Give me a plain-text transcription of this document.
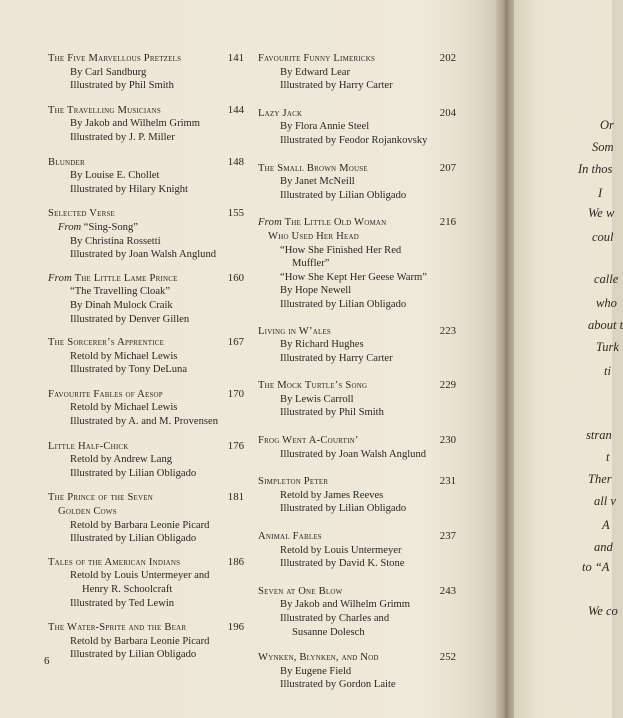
The Five Marvellous Pretzels	141
By Carl Sandburg
Illustrated by Phil Smith
The Travelling Musicians	144
By Jakob and Wilhelm Grimm
Illustrated by J. P. Miller
Blunder	148
By Louise E. Chollet
Illustrated by Hilary Knight
Selected Verse	155
From “Sing-Song”
By Christina Rossetti
Illustrated by Joan Walsh Anglund
From The Little Lame Prince	160
“The Travelling Cloak”
By Dinah Mulock Craik
Illustrated by Denver Gillen
The Sorcerer’s Apprentice	167
Retold by Michael Lewis
Illustrated by Tony DeLuna
Favourite Fables of Aesop	170
Retold by Michael Lewis
Illustrated by A. and M. Provensen
Little Half-Chick	176
Retold by Andrew Lang
Illustrated by Lilian Obligado
The Prince of the Seven	181
Golden Cows
Retold by Barbara Leonie Picard
Illustrated by Lilian Obligado
Tales of the American Indians	186
Retold by Louis Untermeyer and
Henry R. Schoolcraft
Illustrated by Ted Lewin
The Water-Sprite and the Bear	196
Retold by Barbara Leonie Picard
Illustrated by Lilian Obligado
Favourite Funny Limericks	202
By Edward Lear
Illustrated by Harry Carter
Lazy Jack	204
By Flora Annie Steel
Illustrated by Feodor Rojankovsky
The Small Brown Mouse	207
By Janet McNeill
Illustrated by Lilian Obligado
From The Little Old Woman	216
Who Used Her Head
“How She Finished Her Red
Muffler”
“How She Kept Her Geese Warm”
By Hope Newell
Illustrated by Lilian Obligado
Living in W’ales	223
By Richard Hughes
Illustrated by Harry Carter
The Mock Turtle’s Song	229
By Lewis Carroll
Illustrated by Phil Smith
Frog Went A-Courtin’	230
Illustrated by Joan Walsh Anglund
Simpleton Peter	231
Retold by James Reeves
Illustrated by Lilian Obligado
Animal Fables	237
Retold by Louis Untermeyer
Illustrated by David K. Stone
Seven at One Blow	243
By Jakob and Wilhelm Grimm
Illustrated by Charles and
Susanne Dolesch
Wynken, Blynken, and Nod	252
By Eugene Field
Illustrated by Gordon Laite
6
Or
Som
In thos
I
We w
coul
calle
who
about t
Turk
ti
stran
t
Ther
all v
A
and
to “A
We co
